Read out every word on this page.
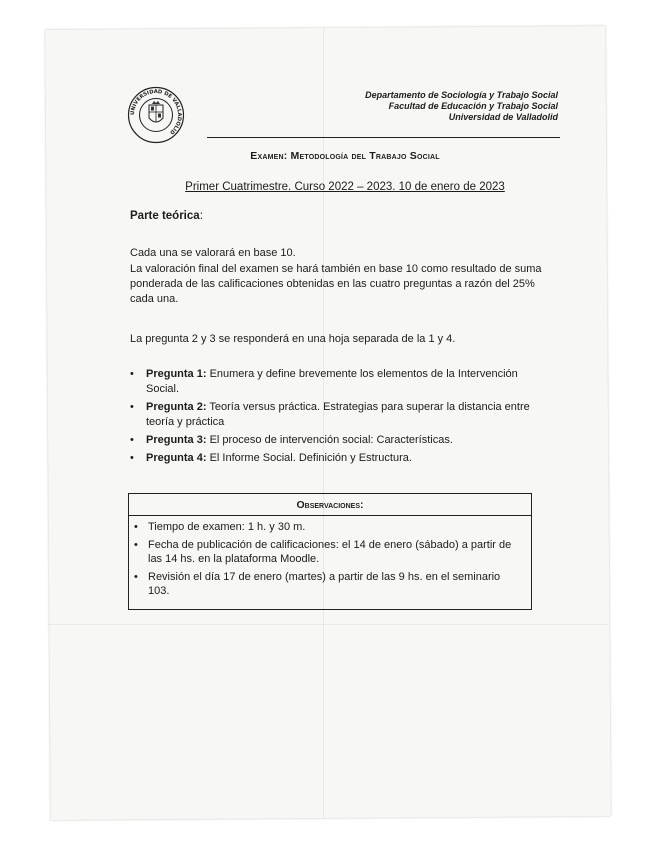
UNIVERSIDAD DE VALLADOLID
Departamento de Sociología y Trabajo Social
Facultad de Educación y Trabajo Social
Universidad de Valladolid
Examen: Metodología del Trabajo Social
Primer Cuatrimestre. Curso 2022 – 2023. 10 de enero de 2023
Parte teórica:
Cada una se valorará en base 10.
La valoración final del examen se hará también en base 10 como resultado de suma ponderada de las calificaciones obtenidas en las cuatro preguntas a razón del 25% cada una.
La pregunta 2 y 3 se responderá en una hoja separada de la 1 y 4.
• Pregunta 1: Enumera y define brevemente los elementos de la Intervención Social.
• Pregunta 2: Teoría versus práctica. Estrategias para superar la distancia entre teoría y práctica
• Pregunta 3: El proceso de intervención social: Características.
• Pregunta 4: El Informe Social. Definición y Estructura.
Observaciones:
• Tiempo de examen: 1 h. y 30 m.
• Fecha de publicación de calificaciones: el 14 de enero (sábado) a partir de las 14 hs. en la plataforma Moodle.
• Revisión el día 17 de enero (martes) a partir de las 9 hs. en el seminario 103.
